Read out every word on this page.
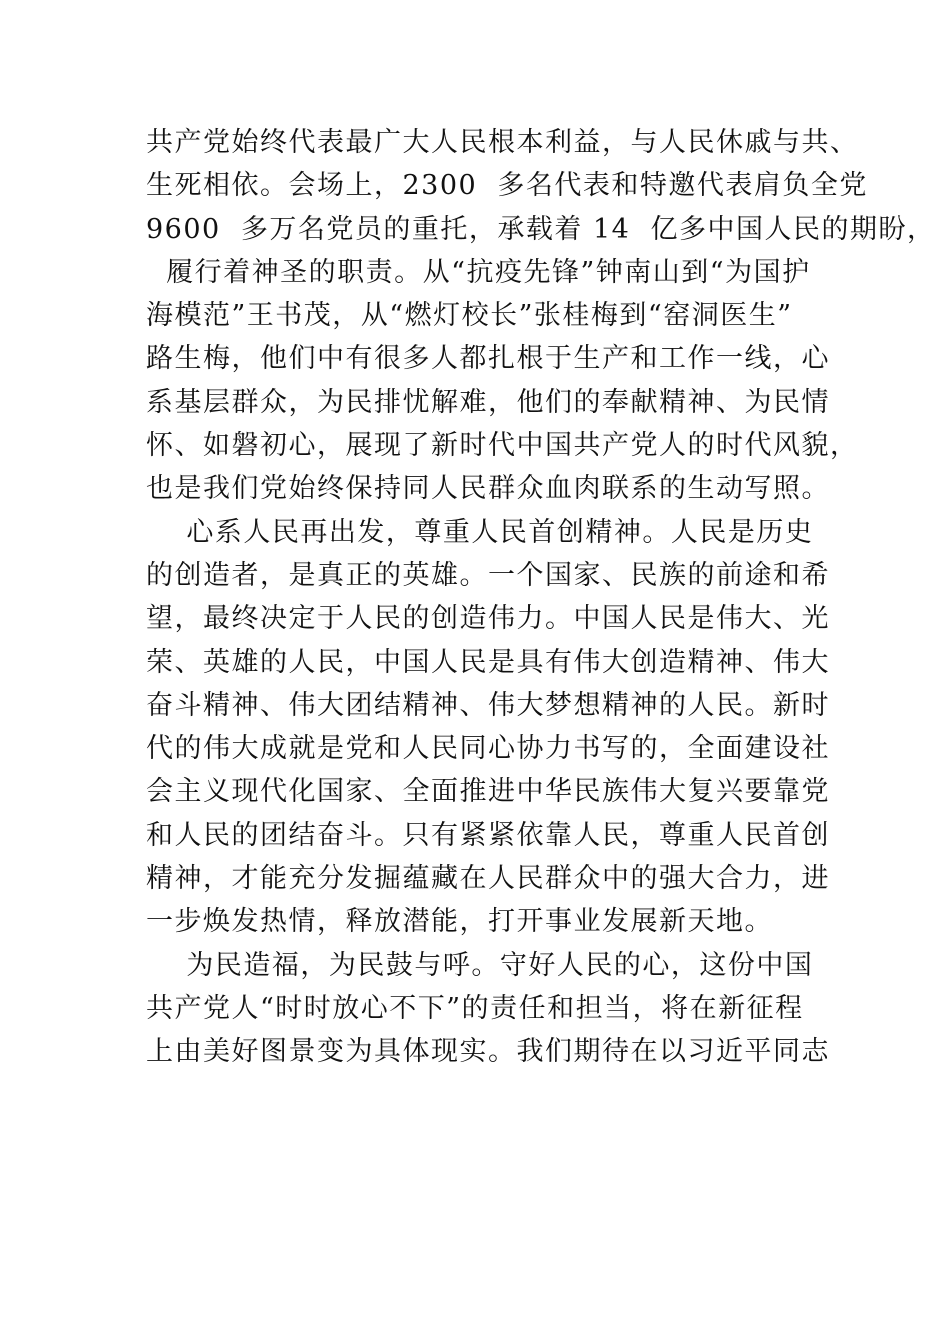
共产党始终代表最广大人民根本利益，与人民休戚与共、
生死相依。会场上，2300  多名代表和特邀代表肩负全党
9600  多万名党员的重托，承载着 14  亿多中国人民的期盼，
履行着神圣的职责。从“抗疫先锋”钟南山到“为国护
海模范”王书茂，从“燃灯校长”张桂梅到“窑洞医生”
路生梅，他们中有很多人都扎根于生产和工作一线，心
系基层群众，为民排忧解难，他们的奉献精神、为民情
怀、如磐初心，展现了新时代中国共产党人的时代风貌，
也是我们党始终保持同人民群众血肉联系的生动写照。
心系人民再出发，尊重人民首创精神。人民是历史
的创造者，是真正的英雄。一个国家、民族的前途和希
望，最终决定于人民的创造伟力。中国人民是伟大、光
荣、英雄的人民，中国人民是具有伟大创造精神、伟大
奋斗精神、伟大团结精神、伟大梦想精神的人民。新时
代的伟大成就是党和人民同心协力书写的，全面建设社
会主义现代化国家、全面推进中华民族伟大复兴要靠党
和人民的团结奋斗。只有紧紧依靠人民，尊重人民首创
精神，才能充分发掘蕴藏在人民群众中的强大合力，进
一步焕发热情，释放潜能，打开事业发展新天地。
为民造福，为民鼓与呼。守好人民的心，这份中国
共产党人“时时放心不下”的责任和担当，将在新征程
上由美好图景变为具体现实。我们期待在以习近平同志
